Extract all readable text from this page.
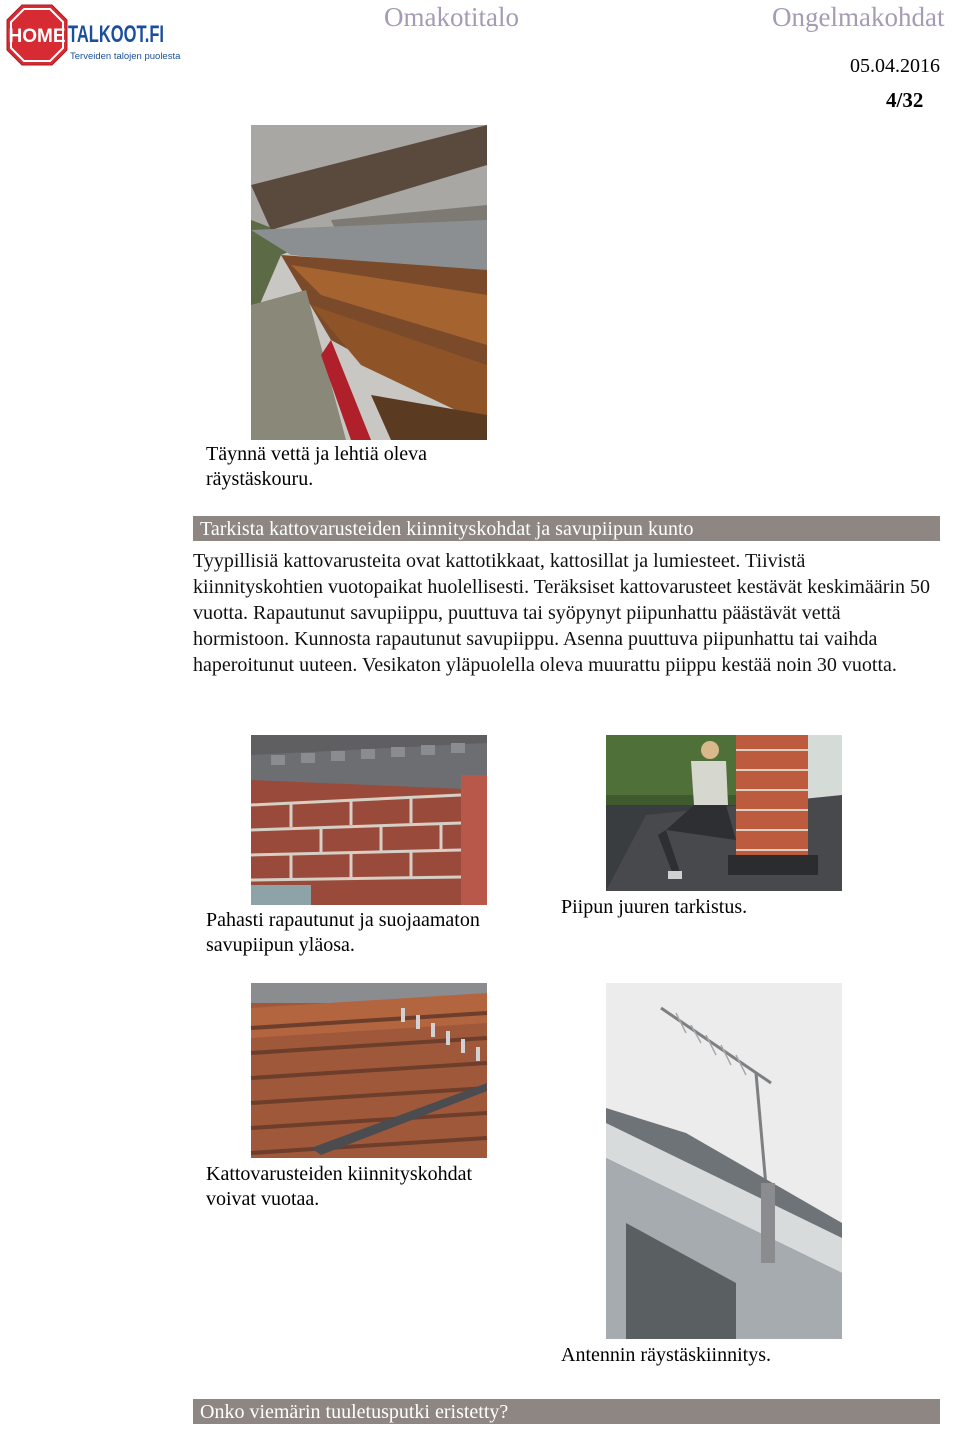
HOME TALKOOT.FI
Terveiden talojen puolesta
Omakotitalo	Ongelmakohdat
05.04.2016
4/32
Täynnä vettä ja lehtiä oleva räystäskouru.
Tarkista kattovarusteiden kiinnityskohdat ja savupiipun kunto
Tyypillisiä kattovarusteita ovat kattotikkaat, kattosillat ja lumiesteet. Tiivistä kiinnityskohtien vuotopaikat huolellisesti. Teräksiset kattovarusteet kestävät keskimäärin 50 vuotta. Rapautunut savupiippu, puuttuva tai syöpynyt piipunhattu päästävät vettä hormistoon. Kunnosta rapautunut savupiippu. Asenna puuttuva piipunhattu tai vaihda haperoitunut uuteen. Vesikaton yläpuolella oleva muurattu piippu kestää noin 30 vuotta.
Pahasti rapautunut ja suojaamaton savupiipun yläosa.
Piipun juuren tarkistus.
Kattovarusteiden kiinnityskohdat voivat vuotaa.
Antennin räystäskiinnitys.
Onko viemärin tuuletusputki eristetty?
